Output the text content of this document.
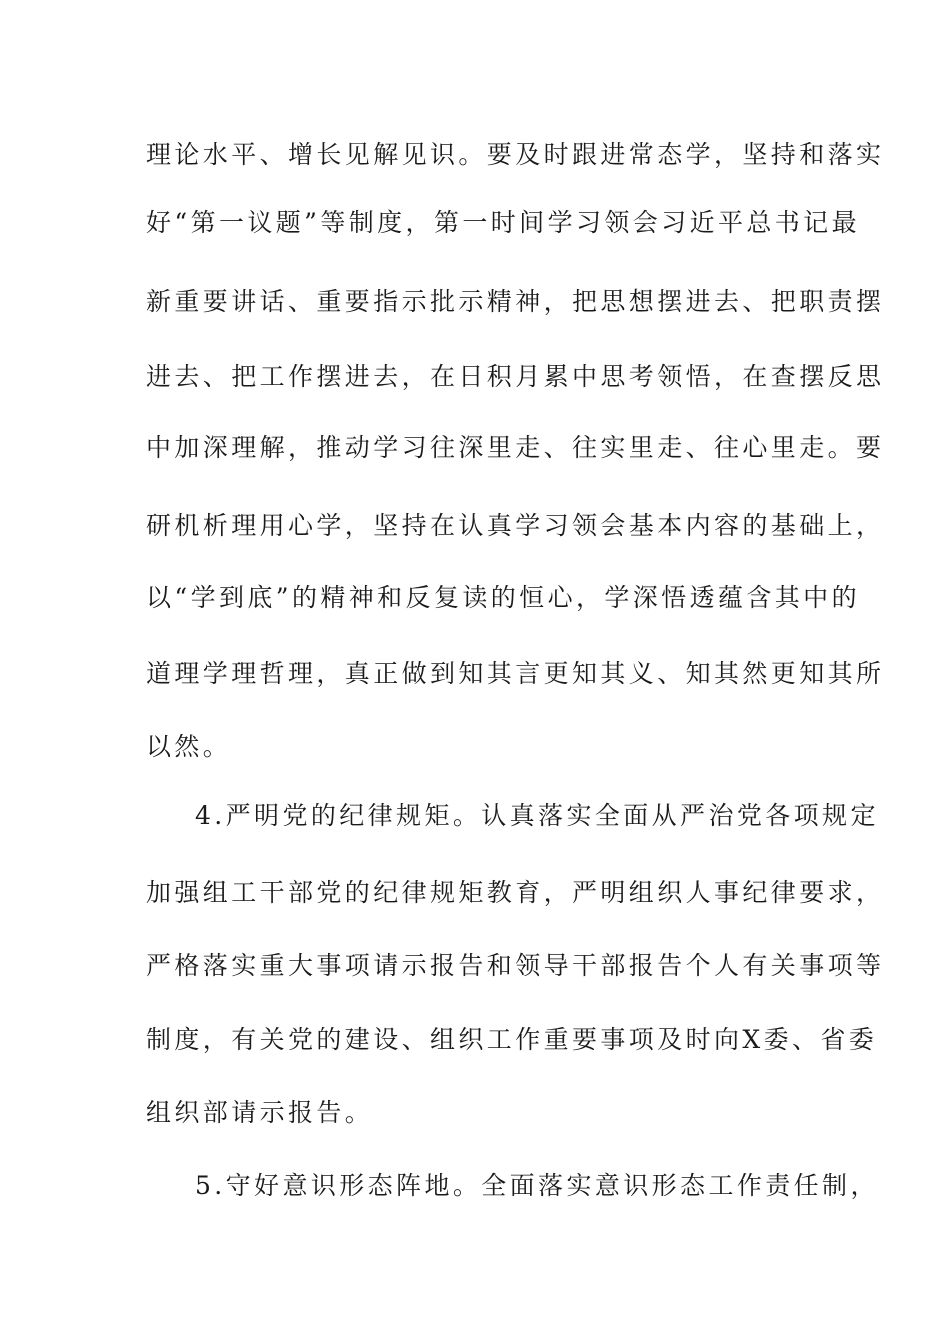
理论水平、增长见解见识。要及时跟进常态学，坚持和落实
好“第一议题”等制度，第一时间学习领会习近平总书记最
新重要讲话、重要指示批示精神，把思想摆进去、把职责摆
进去、把工作摆进去，在日积月累中思考领悟，在查摆反思
中加深理解，推动学习往深里走、往实里走、往心里走。要
研机析理用心学，坚持在认真学习领会基本内容的基础上，
以“学到底”的精神和反复读的恒心，学深悟透蕴含其中的
道理学理哲理，真正做到知其言更知其义、知其然更知其所
以然。
4.严明党的纪律规矩。认真落实全面从严治党各项规定
加强组工干部党的纪律规矩教育，严明组织人事纪律要求，
严格落实重大事项请示报告和领导干部报告个人有关事项等
制度，有关党的建设、组织工作重要事项及时向X委、省委
组织部请示报告。
5.守好意识形态阵地。全面落实意识形态工作责任制，
